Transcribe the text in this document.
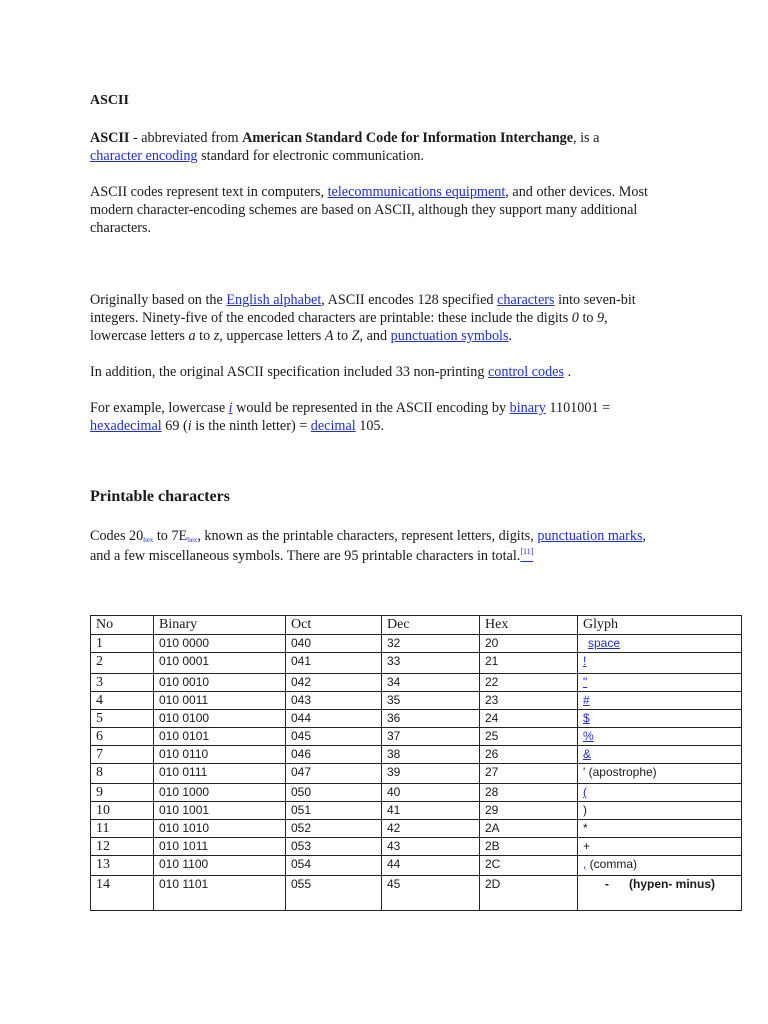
ASCII

ASCII - abbreviated from American Standard Code for Information Interchange, is a
character encoding standard for electronic communication.

ASCII codes represent text in computers, telecommunications equipment, and other devices. Most modern character-encoding schemes are based on ASCII, although they support many additional characters.

Originally based on the English alphabet, ASCII encodes 128 specified characters into seven-bit integers. Ninety-five of the encoded characters are printable: these include the digits 0 to 9, lowercase letters a to z, uppercase letters A to Z, and punctuation symbols.

In addition, the original ASCII specification included 33 non-printing control codes .

For example, lowercase i would be represented in the ASCII encoding by binary 1101001 =
hexadecimal 69 (i is the ninth letter) = decimal 105.

Printable characters

Codes $20_{hex}$ to $7E_{hex}$, known as the printable characters, represent letters, digits, punctuation marks, and a few miscellaneous symbols. There are 95 printable characters in total.[11]

No	Binary	Oct	Dec	Hex	Glyph
1	010 0000	040	32	20	space
2	010 0001	041	33	21	!
3	010 0010	042	34	22	"
4	010 0011	043	35	23	#
5	010 0100	044	36	24	$
6	010 0101	045	37	25	%
7	010 0110	046	38	26	&
8	010 0111	047	39	27	' (apostrophe)
9	010 1000	050	40	28	(
10	010 1001	051	41	29	)
11	010 1010	052	42	2A	*
12	010 1011	053	43	2B	+
13	010 1100	054	44	2C	, (comma)
14	010 1101	055	45	2D	-      (hypen- minus)
